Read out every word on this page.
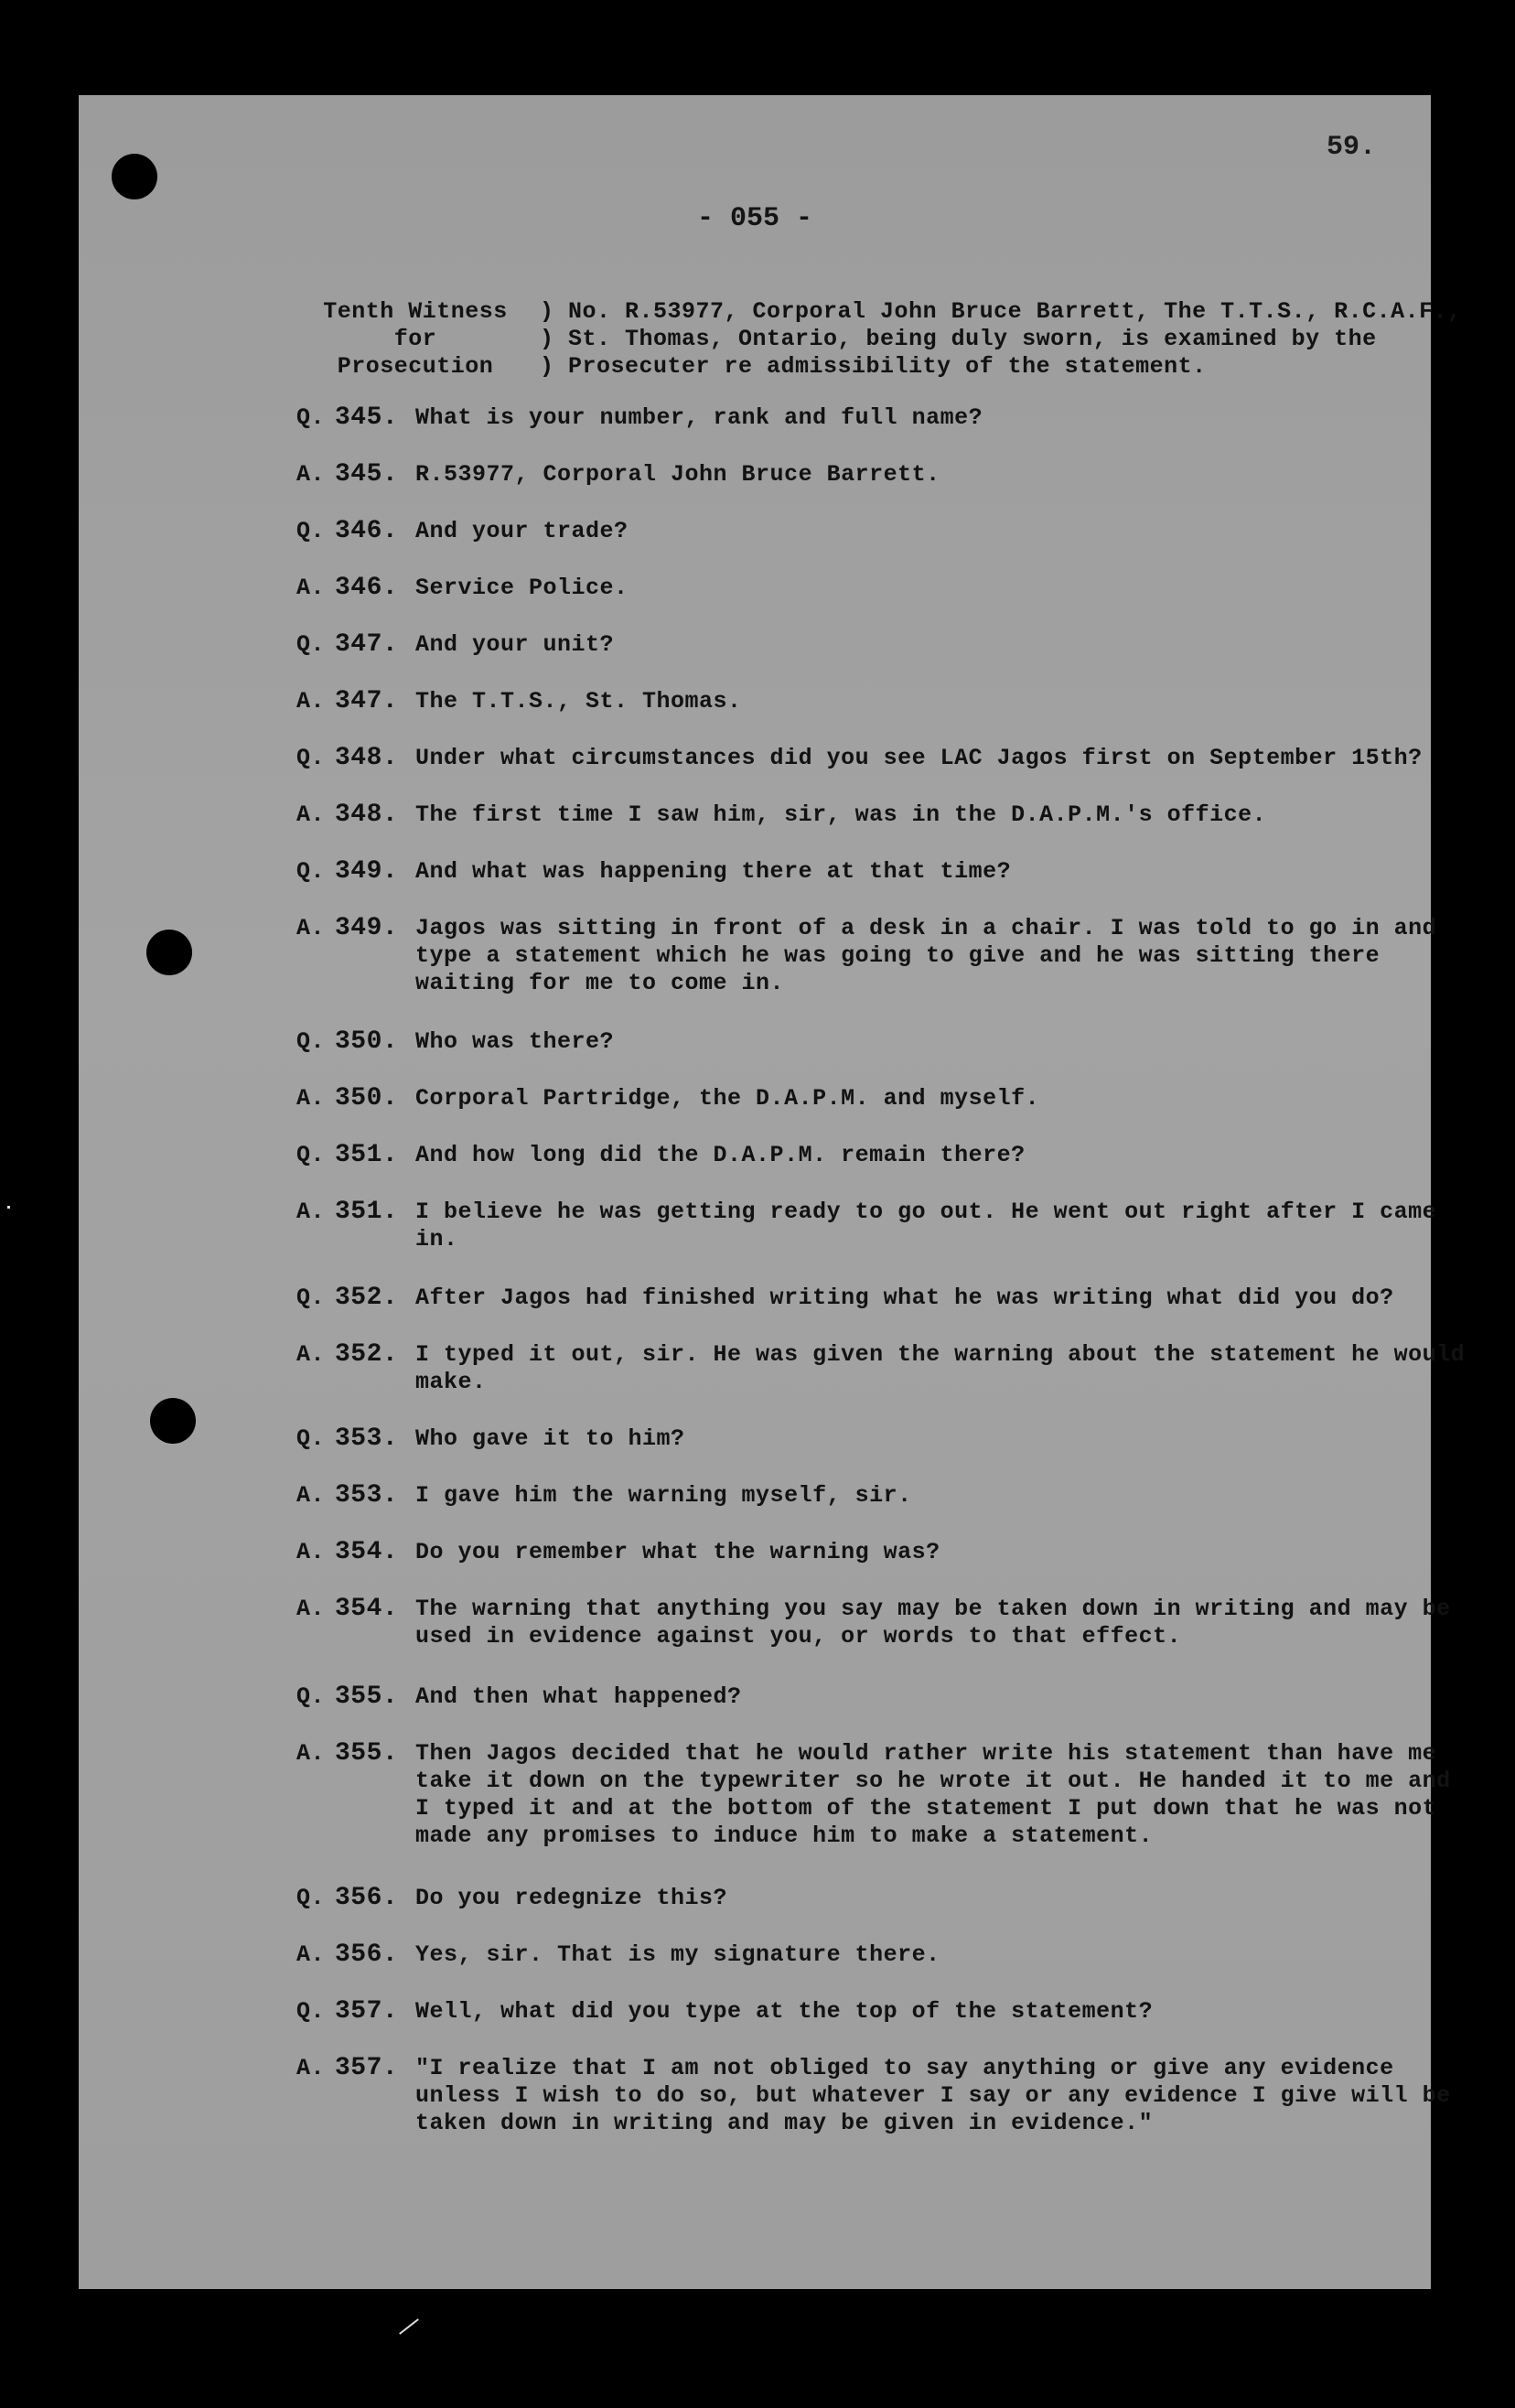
59.
- 055 -
Tenth Witness	) No. R.53977, Corporal John Bruce Barrett, The T.T.S., R.C.A.F.,
for	) St. Thomas, Ontario, being duly sworn, is examined by the
Prosecution	) Prosecuter re admissibility of the statement.
Q. 345. What is your number, rank and full name?
A. 345. R.53977, Corporal John Bruce Barrett.
Q. 346. And your trade?
A. 346. Service Police.
Q. 347. And your unit?
A. 347. The T.T.S., St. Thomas.
Q. 348. Under what circumstances did you see LAC Jagos first on September 15th?
A. 348. The first time I saw him, sir, was in the D.A.P.M.'s office.
Q. 349. And what was happening there at that time?
A. 349. Jagos was sitting in front of a desk in a chair. I was told to go in and type a statement which he was going to give and he was sitting there waiting for me to come in.
Q. 350. Who was there?
A. 350. Corporal Partridge, the D.A.P.M. and myself.
Q. 351. And how long did the D.A.P.M. remain there?
A. 351. I believe he was getting ready to go out. He went out right after I came in.
Q. 352. After Jagos had finished writing what he was writing what did you do?
A. 352. I typed it out, sir. He was given the warning about the statement he would make.
Q. 353. Who gave it to him?
A. 353. I gave him the warning myself, sir.
A. 354. Do you remember what the warning was?
A. 354. The warning that anything you say may be taken down in writing and may be used in evidence against you, or words to that effect.
Q. 355. And then what happened?
A. 355. Then Jagos decided that he would rather write his statement than have me take it down on the typewriter so he wrote it out. He handed it to me and I typed it and at the bottom of the statement I put down that he was not made any promises to induce him to make a statement.
Q. 356. Do you redegnize this?
A. 356. Yes, sir. That is my signature there.
Q. 357. Well, what did you type at the top of the statement?
A. 357. "I realize that I am not obliged to say anything or give any evidence unless I wish to do so, but whatever I say or any evidence I give will be taken down in writing and may be given in evidence."
